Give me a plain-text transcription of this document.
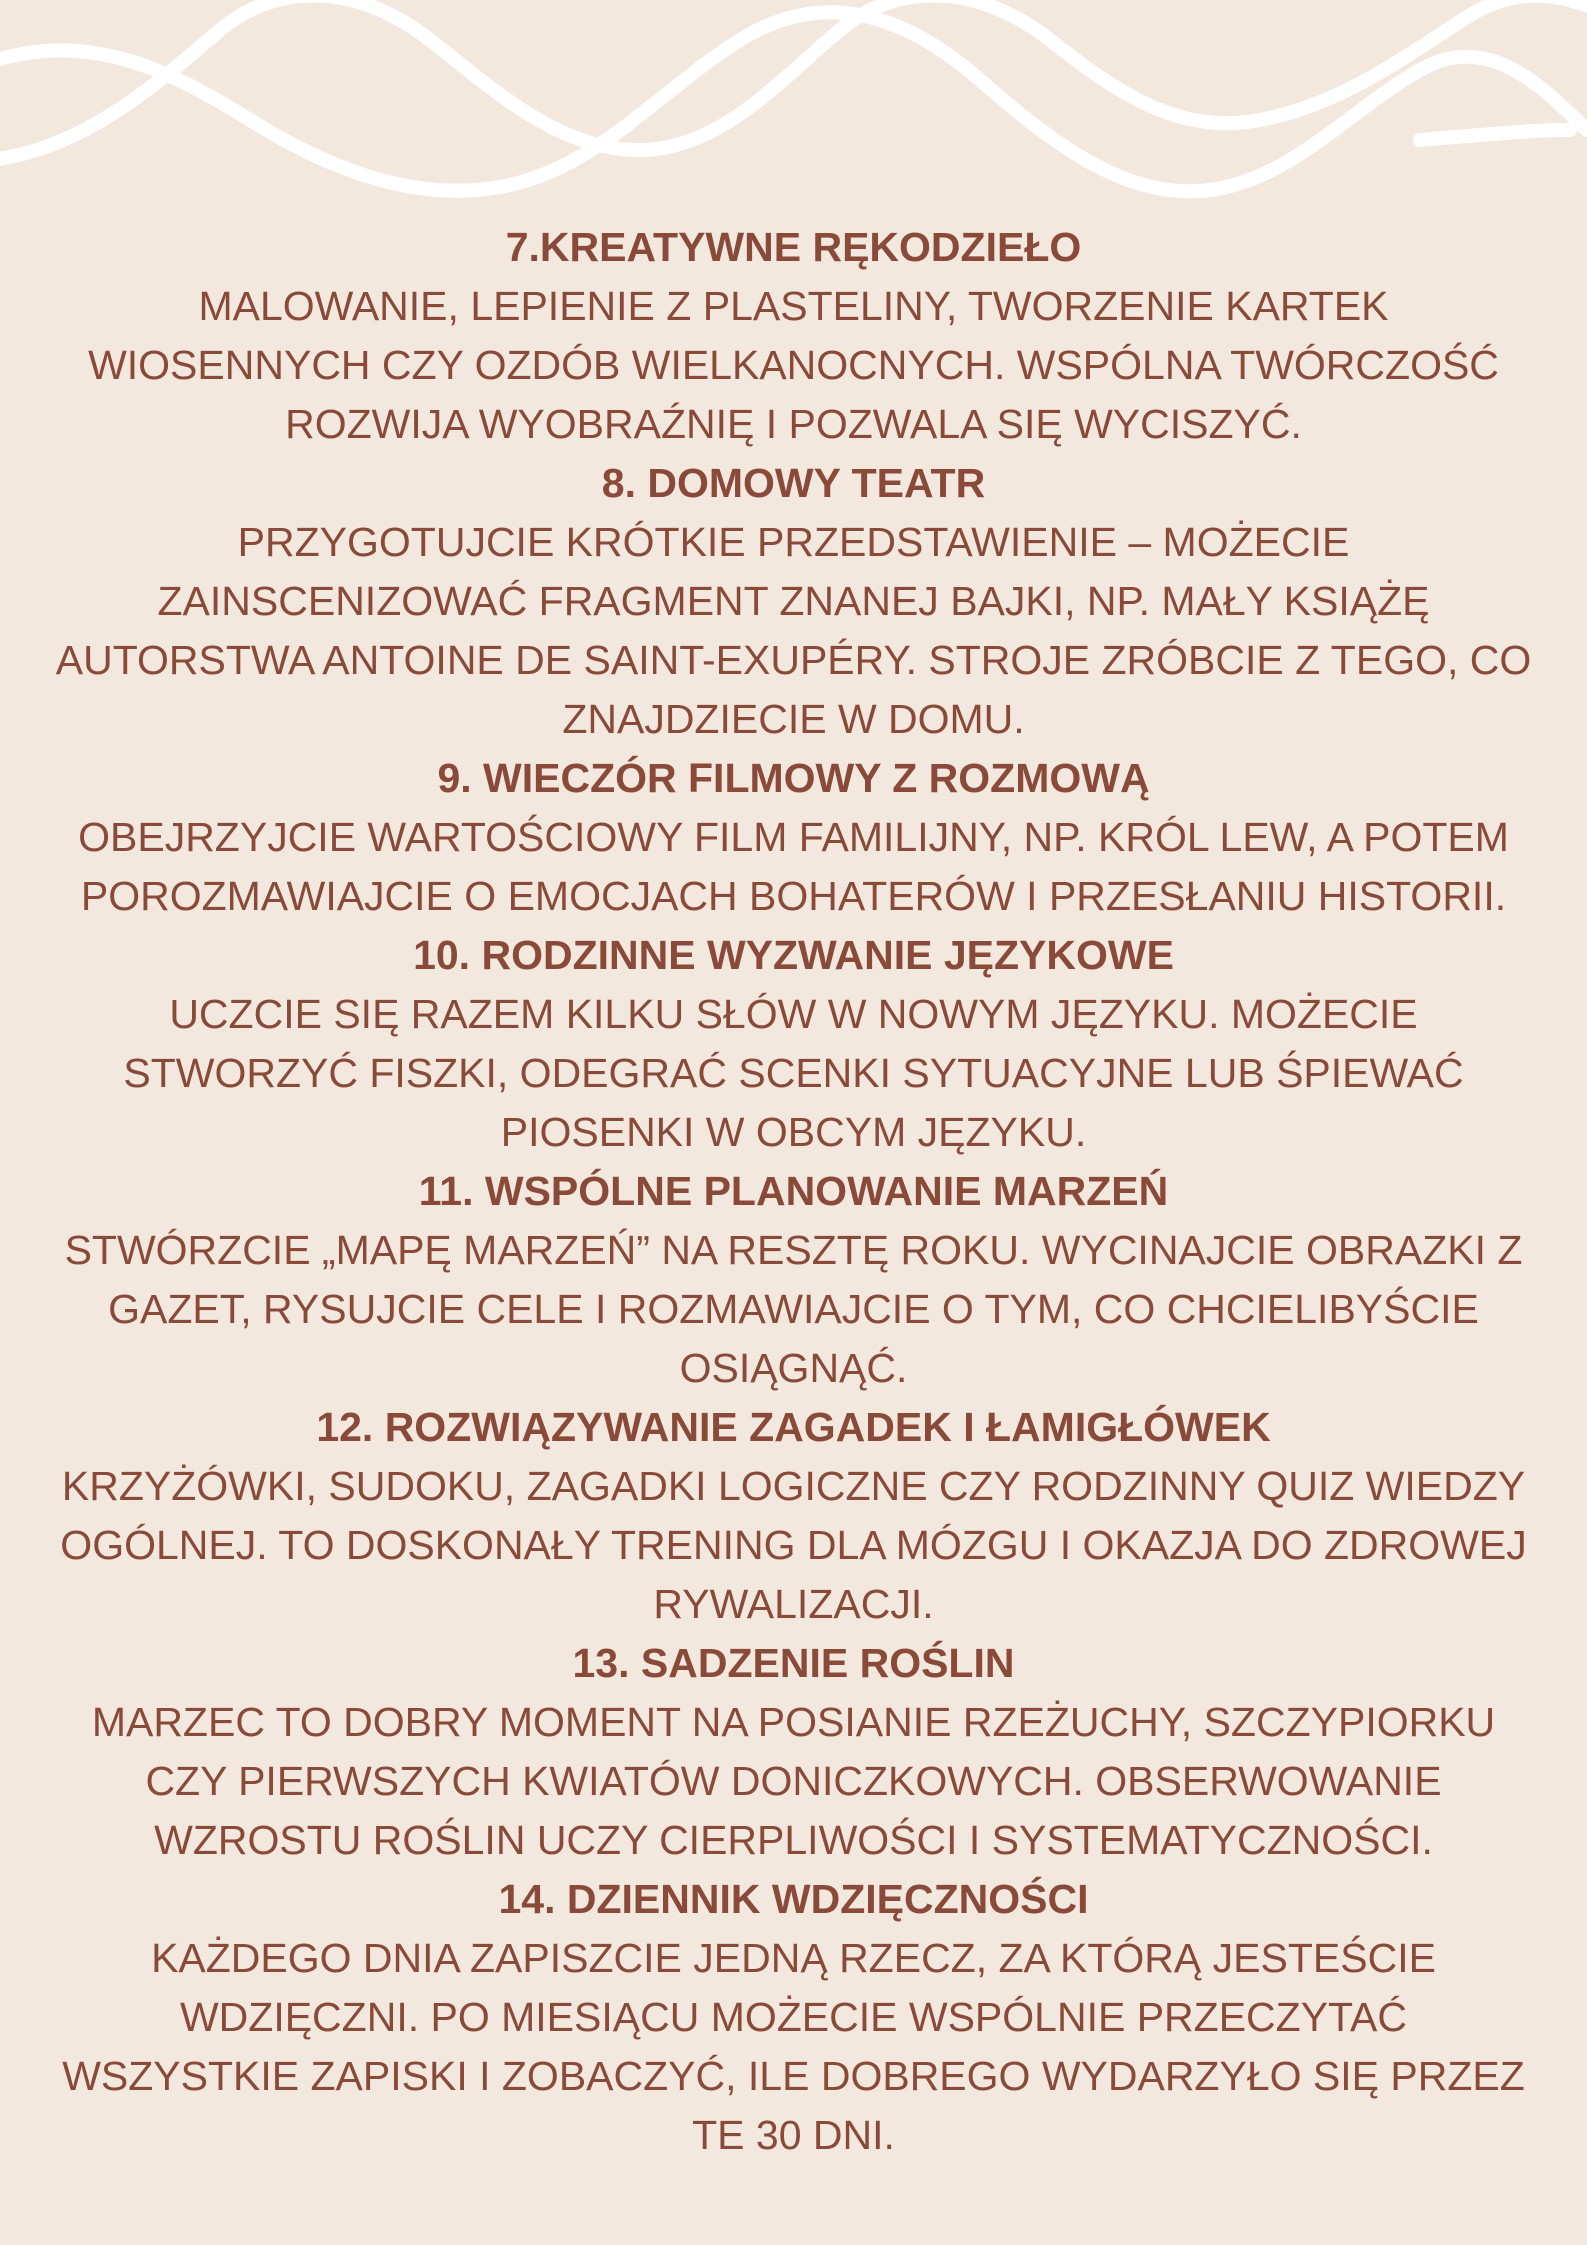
7.KREATYWNE RĘKODZIEŁO

MALOWANIE, LEPIENIE Z PLASTELINY, TWORZENIE KARTEK WIOSENNYCH CZY OZDÓB WIELKANOCNYCH. WSPÓLNA TWÓRCZOŚĆ ROZWIJA WYOBRAŹNIĘ I POZWALA SIĘ WYCISZYĆ.

8. DOMOWY TEATR

PRZYGOTUJCIE KRÓTKIE PRZEDSTAWIENIE – MOŻECIE ZAINSCENIZOWAĆ FRAGMENT ZNANEJ BAJKI, NP. MAŁY KSIĄŻĘ AUTORSTWA ANTOINE DE SAINT-EXUPÉRY. STROJE ZRÓBCIE Z TEGO, CO ZNAJDZIECIE W DOMU.

9. WIECZÓR FILMOWY Z ROZMOWĄ

OBEJRZYJCIE WARTOŚCIOWY FILM FAMILIJNY, NP. KRÓL LEW, A POTEM POROZMAWIAJCIE O EMOCJACH BOHATERÓW I PRZESŁANIU HISTORII.

10. RODZINNE WYZWANIE JĘZYKOWE

UCZCIE SIĘ RAZEM KILKU SŁÓW W NOWYM JĘZYKU. MOŻECIE STWORZYĆ FISZKI, ODEGRAĆ SCENKI SYTUACYJNE LUB ŚPIEWAĆ PIOSENKI W OBCYM JĘZYKU.

11. WSPÓLNE PLANOWANIE MARZEŃ

STWÓRZCIE „MAPĘ MARZEŃ” NA RESZTĘ ROKU. WYCINAJCIE OBRAZKI Z GAZET, RYSUJCIE CELE I ROZMAWIAJCIE O TYM, CO CHCIELIBYŚCIE OSIĄGNĄĆ.

12. ROZWIĄZYWANIE ZAGADEK I ŁAMIGŁÓWEK

KRZYŻÓWKI, SUDOKU, ZAGADKI LOGICZNE CZY RODZINNY QUIZ WIEDZY OGÓLNEJ. TO DOSKONAŁY TRENING DLA MÓZGU I OKAZJA DO ZDROWEJ RYWALIZACJI.

13. SADZENIE ROŚLIN

MARZEC TO DOBRY MOMENT NA POSIANIE RZEŻUCHY, SZCZYPIORKU CZY PIERWSZYCH KWIATÓW DONICZKOWYCH. OBSERWOWANIE WZROSTU ROŚLIN UCZY CIERPLIWOŚCI I SYSTEMATYCZNOŚCI.

14. DZIENNIK WDZIĘCZNOŚCI

KAŻDEGO DNIA ZAPISZCIE JEDNĄ RZECZ, ZA KTÓRĄ JESTEŚCIE WDZIĘCZNI. PO MIESIĄCU MOŻECIE WSPÓLNIE PRZECZYTAĆ WSZYSTKIE ZAPISKI I ZOBACZYĆ, ILE DOBREGO WYDARZYŁO SIĘ PRZEZ TE 30 DNI.
